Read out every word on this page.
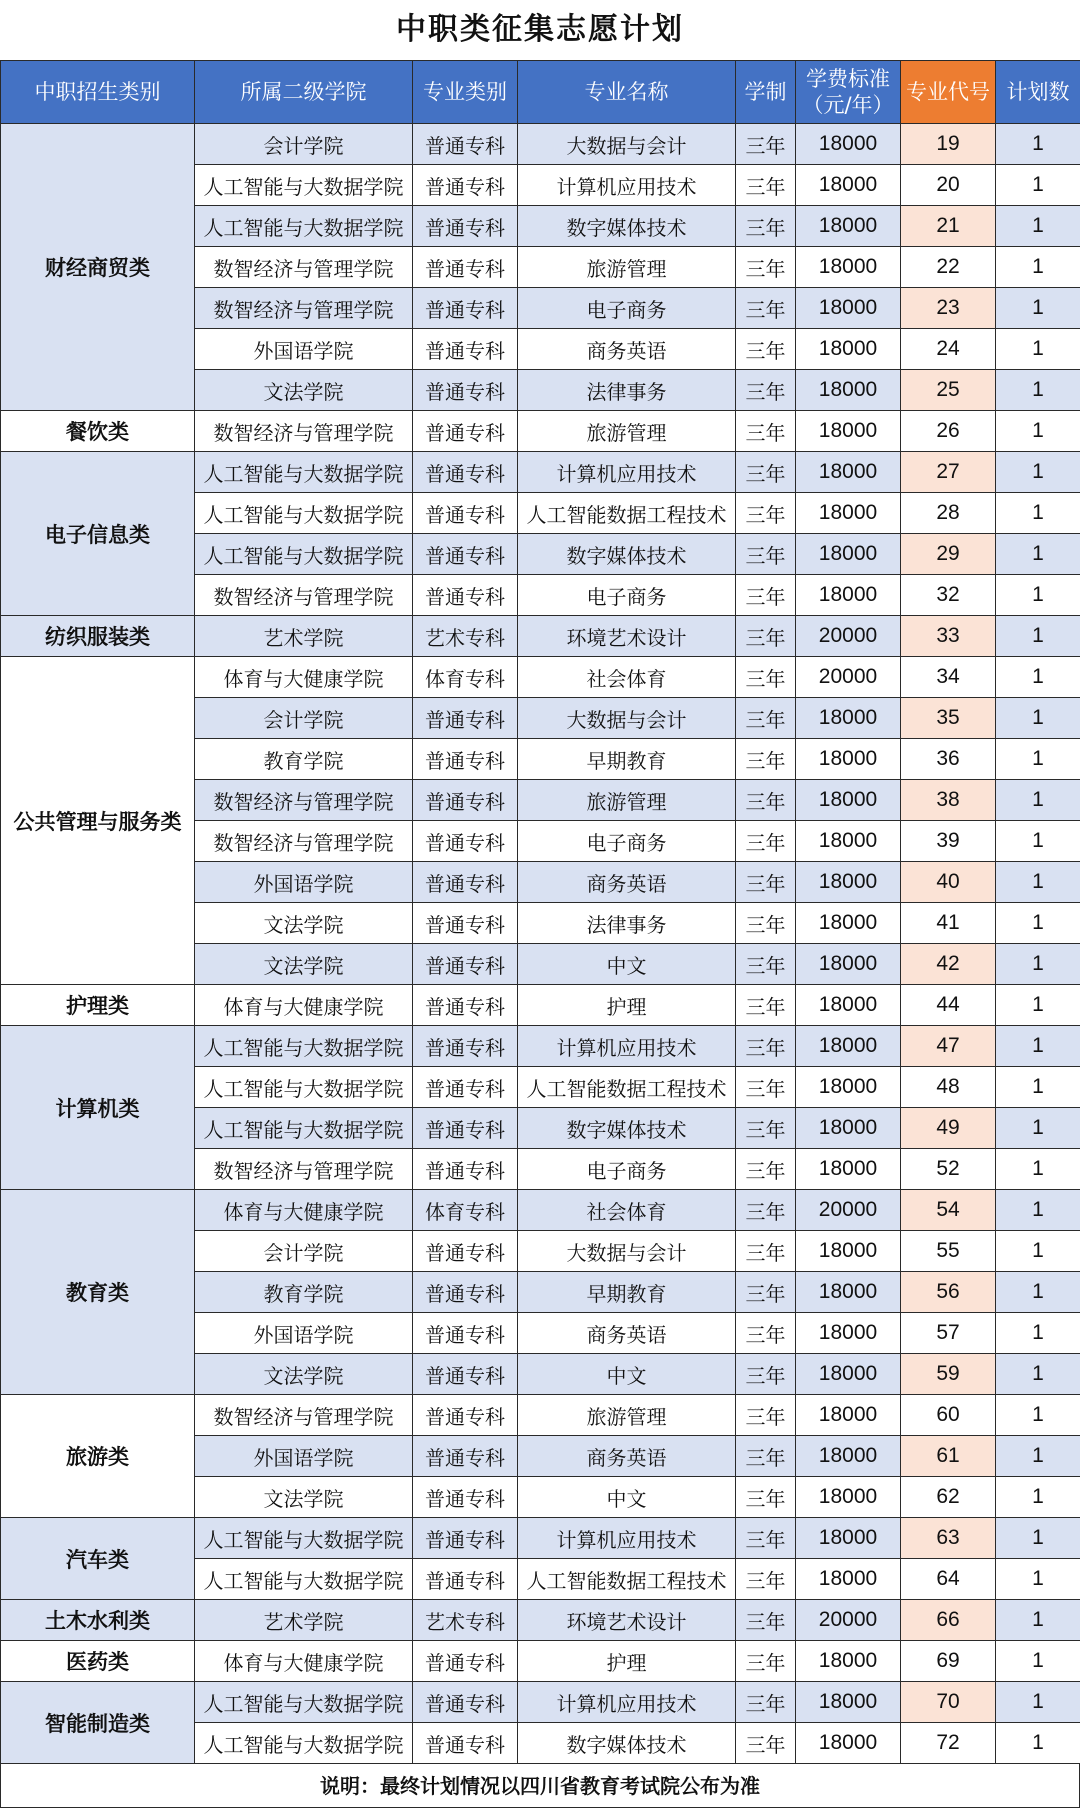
中职类征集志愿计划
中职招生类别	所属二级学院	专业类别	专业名称	学制	学费标准
（元/年）	专业代号	计划数
财经商贸类	会计学院	普通专科	大数据与会计	三年	18000	19	1
	人工智能与大数据学院	普通专科	计算机应用技术	三年	18000	20	1
	人工智能与大数据学院	普通专科	数字媒体技术	三年	18000	21	1
	数智经济与管理学院	普通专科	旅游管理	三年	18000	22	1
	数智经济与管理学院	普通专科	电子商务	三年	18000	23	1
	外国语学院	普通专科	商务英语	三年	18000	24	1
	文法学院	普通专科	法律事务	三年	18000	25	1
餐饮类	数智经济与管理学院	普通专科	旅游管理	三年	18000	26	1
电子信息类	人工智能与大数据学院	普通专科	计算机应用技术	三年	18000	27	1
	人工智能与大数据学院	普通专科	人工智能数据工程技术	三年	18000	28	1
	人工智能与大数据学院	普通专科	数字媒体技术	三年	18000	29	1
	数智经济与管理学院	普通专科	电子商务	三年	18000	32	1
纺织服装类	艺术学院	艺术专科	环境艺术设计	三年	20000	33	1
公共管理与服务类	体育与大健康学院	体育专科	社会体育	三年	20000	34	1
	会计学院	普通专科	大数据与会计	三年	18000	35	1
	教育学院	普通专科	早期教育	三年	18000	36	1
	数智经济与管理学院	普通专科	旅游管理	三年	18000	38	1
	数智经济与管理学院	普通专科	电子商务	三年	18000	39	1
	外国语学院	普通专科	商务英语	三年	18000	40	1
	文法学院	普通专科	法律事务	三年	18000	41	1
	文法学院	普通专科	中文	三年	18000	42	1
护理类	体育与大健康学院	普通专科	护理	三年	18000	44	1
计算机类	人工智能与大数据学院	普通专科	计算机应用技术	三年	18000	47	1
	人工智能与大数据学院	普通专科	人工智能数据工程技术	三年	18000	48	1
	人工智能与大数据学院	普通专科	数字媒体技术	三年	18000	49	1
	数智经济与管理学院	普通专科	电子商务	三年	18000	52	1
教育类	体育与大健康学院	体育专科	社会体育	三年	20000	54	1
	会计学院	普通专科	大数据与会计	三年	18000	55	1
	教育学院	普通专科	早期教育	三年	18000	56	1
	外国语学院	普通专科	商务英语	三年	18000	57	1
	文法学院	普通专科	中文	三年	18000	59	1
旅游类	数智经济与管理学院	普通专科	旅游管理	三年	18000	60	1
	外国语学院	普通专科	商务英语	三年	18000	61	1
	文法学院	普通专科	中文	三年	18000	62	1
汽车类	人工智能与大数据学院	普通专科	计算机应用技术	三年	18000	63	1
	人工智能与大数据学院	普通专科	人工智能数据工程技术	三年	18000	64	1
土木水利类	艺术学院	艺术专科	环境艺术设计	三年	20000	66	1
医药类	体育与大健康学院	普通专科	护理	三年	18000	69	1
智能制造类	人工智能与大数据学院	普通专科	计算机应用技术	三年	18000	70	1
	人工智能与大数据学院	普通专科	数字媒体技术	三年	18000	72	1
说明：最终计划情况以四川省教育考试院公布为准
